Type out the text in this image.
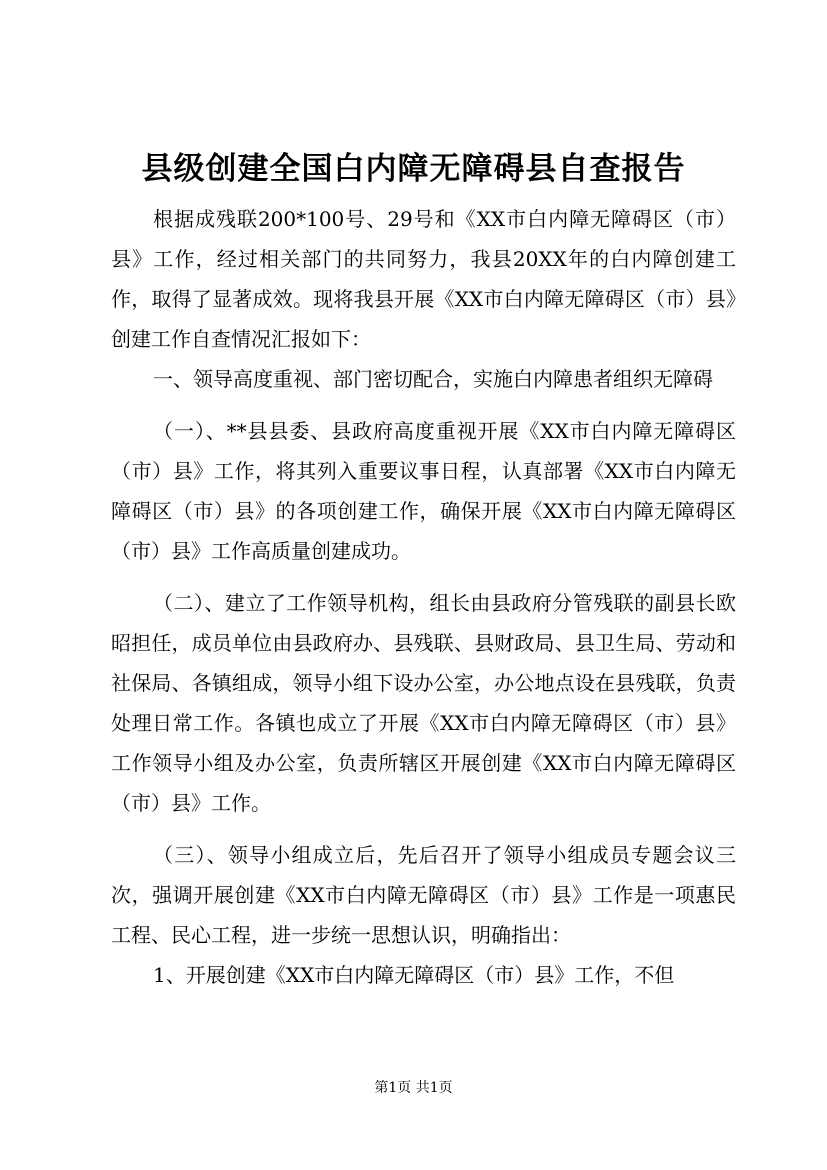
县级创建全国白内障无障碍县自查报告

根据成残联200*100号、29号和《XX市白内障无障碍区（市）县》工作，经过相关部门的共同努力，我县20XX年的白内障创建工作，取得了显著成效。现将我县开展《XX市白内障无障碍区（市）县》创建工作自查情况汇报如下：

一、领导高度重视、部门密切配合，实施白内障患者组织无障碍

（一）、**县县委、县政府高度重视开展《XX市白内障无障碍区（市）县》工作，将其列入重要议事日程，认真部署《XX市白内障无障碍区（市）县》的各项创建工作，确保开展《XX市白内障无障碍区（市）县》工作高质量创建成功。

（二）、建立了工作领导机构，组长由县政府分管残联的副县长欧昭担任，成员单位由县政府办、县残联、县财政局、县卫生局、劳动和社保局、各镇组成，领导小组下设办公室，办公地点设在县残联，负责处理日常工作。各镇也成立了开展《XX市白内障无障碍区（市）县》工作领导小组及办公室，负责所辖区开展创建《XX市白内障无障碍区（市）县》工作。

（三）、领导小组成立后，先后召开了领导小组成员专题会议三次，强调开展创建《XX市白内障无障碍区（市）县》工作是一项惠民工程、民心工程，进一步统一思想认识，明确指出：

1、开展创建《XX市白内障无障碍区（市）县》工作，不但

第1页 共1页
